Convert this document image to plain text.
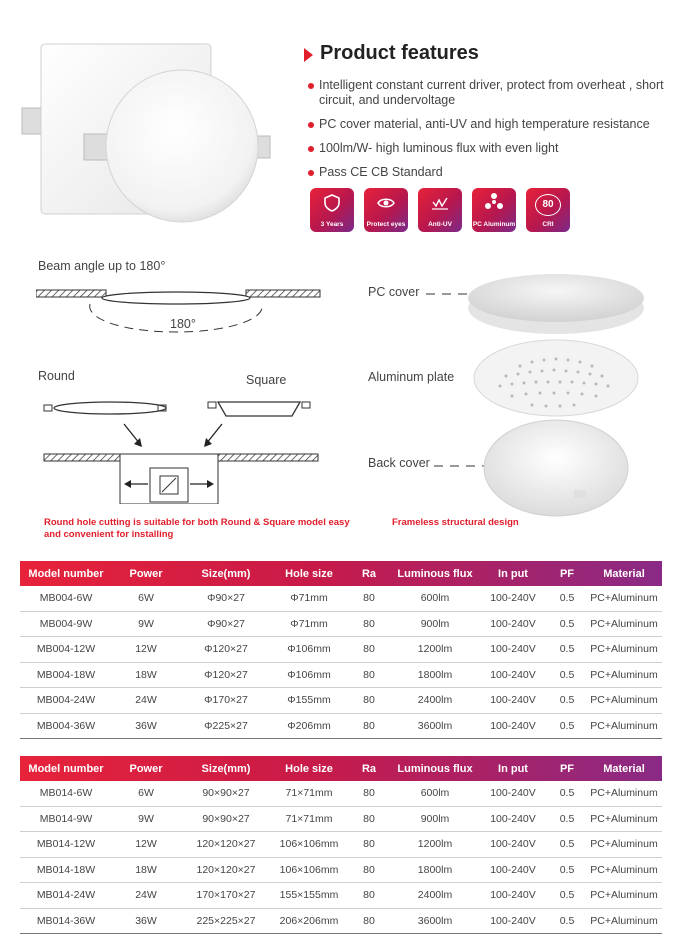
Product features
Intelligent constant current driver, protect from overheat , short circuit, and undervoltage
PC cover material, anti-UV and high temperature resistance
100lm/W- high luminous flux with even light
Pass CE CB Standard
3 Years	Protect eyes	Anti-UV	PC Aluminum
80
CRI
Beam angle up to 180°
180°
Round	Square
PC cover
Aluminum plate
Back cover
Round hole cutting is suitable for both Round & Square model easy and convenient for installing
Frameless structural design
Model number	Power	Size(mm)	Hole size	Ra	Luminous flux	In put	PF	Material
MB004-6W	6W	Φ90×27	Φ71mm	80	600lm	100-240V	0.5	PC+Aluminum
MB004-9W	9W	Φ90×27	Φ71mm	80	900lm	100-240V	0.5	PC+Aluminum
MB004-12W	12W	Φ120×27	Φ106mm	80	1200lm	100-240V	0.5	PC+Aluminum
MB004-18W	18W	Φ120×27	Φ106mm	80	1800lm	100-240V	0.5	PC+Aluminum
MB004-24W	24W	Φ170×27	Φ155mm	80	2400lm	100-240V	0.5	PC+Aluminum
MB004-36W	36W	Φ225×27	Φ206mm	80	3600lm	100-240V	0.5	PC+Aluminum
Model number	Power	Size(mm)	Hole size	Ra	Luminous flux	In put	PF	Material
MB014-6W	6W	90×90×27	71×71mm	80	600lm	100-240V	0.5	PC+Aluminum
MB014-9W	9W	90×90×27	71×71mm	80	900lm	100-240V	0.5	PC+Aluminum
MB014-12W	12W	120×120×27	106×106mm	80	1200lm	100-240V	0.5	PC+Aluminum
MB014-18W	18W	120×120×27	106×106mm	80	1800lm	100-240V	0.5	PC+Aluminum
MB014-24W	24W	170×170×27	155×155mm	80	2400lm	100-240V	0.5	PC+Aluminum
MB014-36W	36W	225×225×27	206×206mm	80	3600lm	100-240V	0.5	PC+Aluminum
